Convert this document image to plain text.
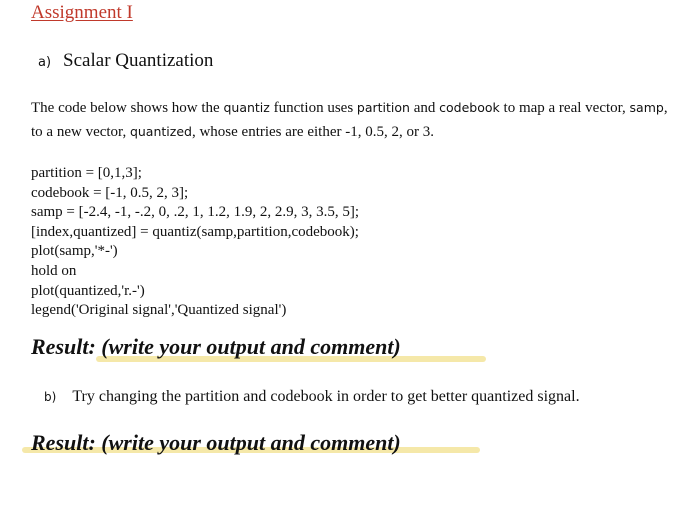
Assignment I
a) Scalar Quantization
The code below shows how the quantiz function uses partition and codebook to map a real vector, samp, to a new vector, quantized, whose entries are either -1, 0.5, 2, or 3.
partition = [0,1,3];
codebook = [-1, 0.5, 2, 3];
samp = [-2.4, -1, -.2, 0, .2, 1, 1.2, 1.9, 2, 2.9, 3, 3.5, 5];
[index,quantized] = quantiz(samp,partition,codebook);
plot(samp,'*-')
hold on
plot(quantized,'r.-')
legend('Original signal','Quantized signal')
Result: (write your output and comment)
b) Try changing the partition and codebook in order to get better quantized signal.
Result: (write your output and comment)
